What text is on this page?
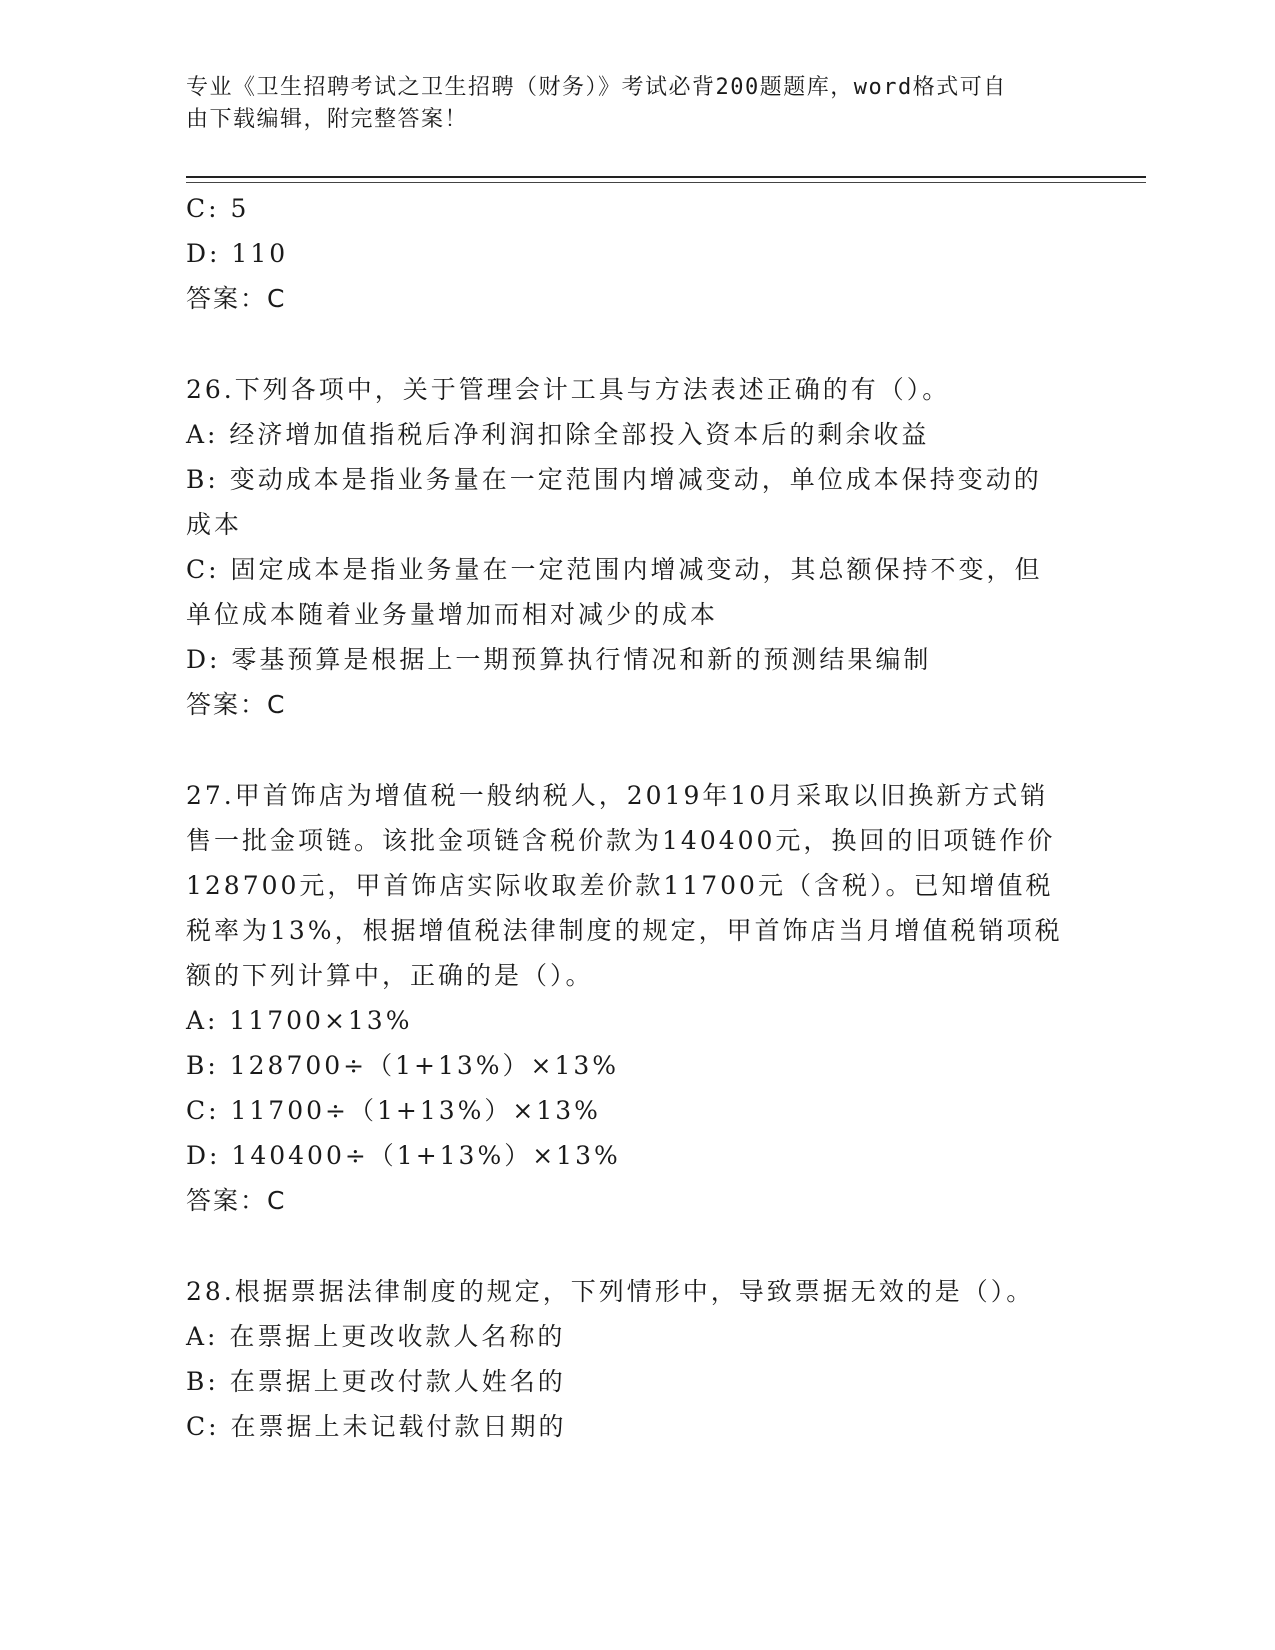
专业《卫生招聘考试之卫生招聘（财务）》考试必背200题题库，word格式可自
由下载编辑，附完整答案！
C: 5
D: 110
答案：C
26.下列各项中，关于管理会计工具与方法表述正确的有（）。
A: 经济增加值指税后净利润扣除全部投入资本后的剩余收益
B: 变动成本是指业务量在一定范围内增减变动，单位成本保持变动的
成本
C: 固定成本是指业务量在一定范围内增减变动，其总额保持不变，但
单位成本随着业务量增加而相对减少的成本
D: 零基预算是根据上一期预算执行情况和新的预测结果编制
答案：C
27.甲首饰店为增值税一般纳税人，2019年10月采取以旧换新方式销
售一批金项链。该批金项链含税价款为140400元，换回的旧项链作价
128700元，甲首饰店实际收取差价款11700元（含税）。已知增值税
税率为13%，根据增值税法律制度的规定，甲首饰店当月增值税销项税
额的下列计算中，正确的是（）。
A: 11700×13%
B: 128700÷（1+13%）×13%
C: 11700÷（1+13%）×13%
D: 140400÷（1+13%）×13%
答案：C
28.根据票据法律制度的规定，下列情形中，导致票据无效的是（）。
A: 在票据上更改收款人名称的
B: 在票据上更改付款人姓名的
C: 在票据上未记载付款日期的
